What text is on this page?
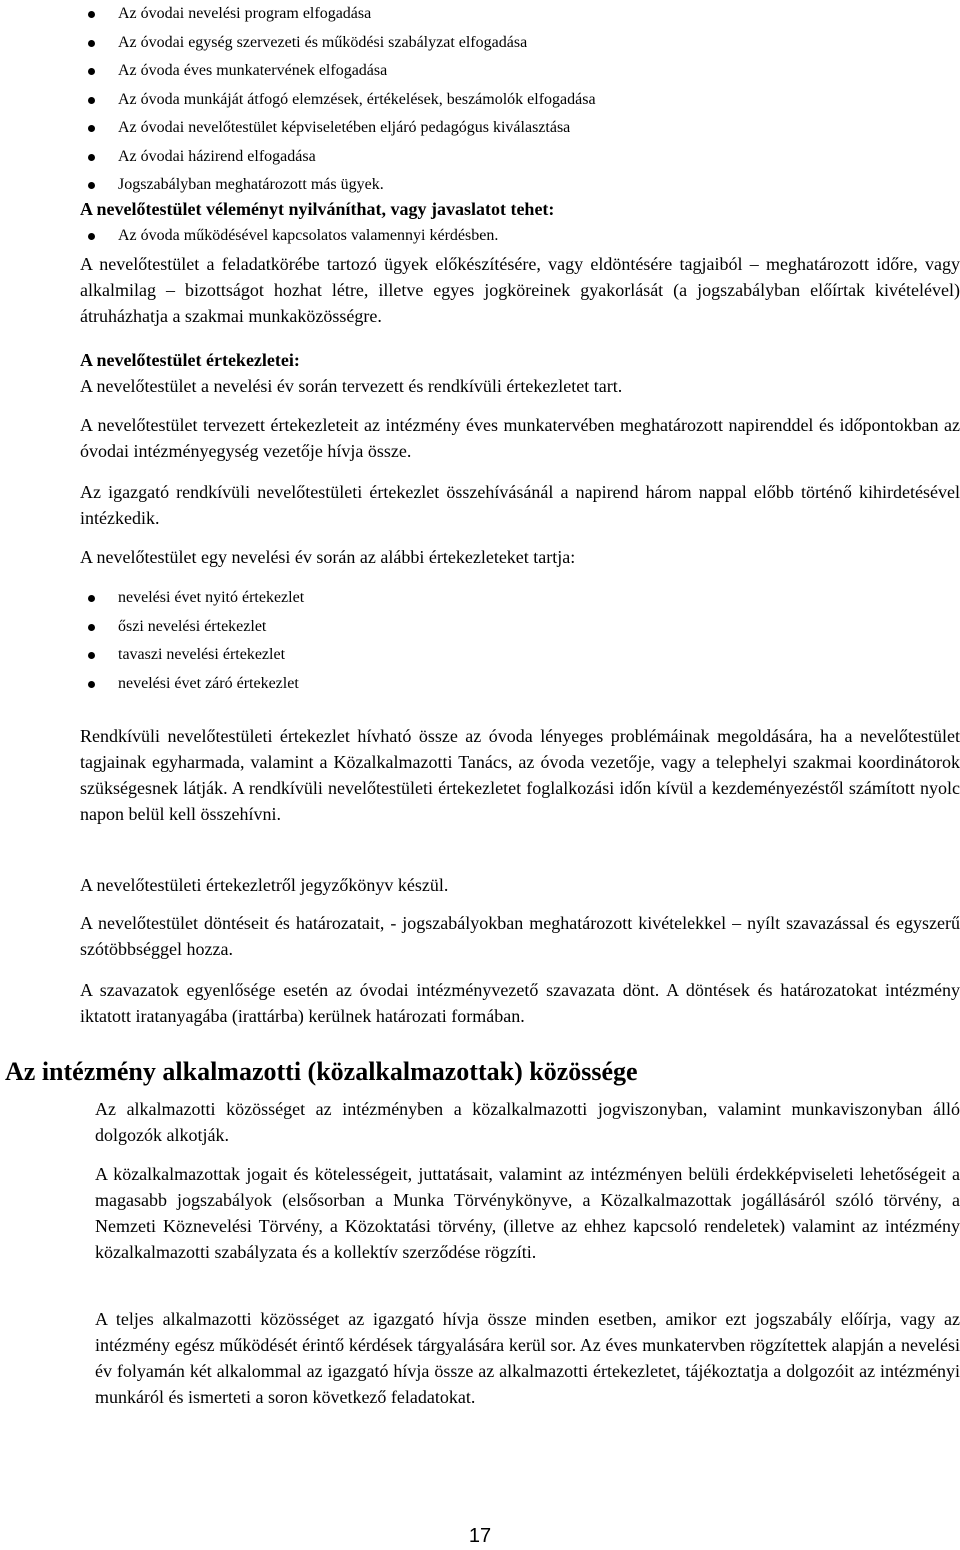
Az óvodai nevelési program elfogadása
Az óvodai egység szervezeti és működési szabályzat elfogadása
Az óvoda éves munkatervének elfogadása
Az óvoda munkáját átfogó elemzések, értékelések, beszámolók elfogadása
Az óvodai nevelőtestület képviseletében eljáró pedagógus kiválasztása
Az óvodai házirend elfogadása
Jogszabályban meghatározott más ügyek.
A nevelőtestület véleményt nyilváníthat, vagy javaslatot tehet:
Az óvoda működésével kapcsolatos valamennyi kérdésben.
A nevelőtestület a feladatkörébe tartozó ügyek előkészítésére, vagy eldöntésére tagjaiból – meghatározott időre, vagy alkalmilag – bizottságot hozhat létre, illetve egyes jogköreinek gyakorlását (a jogszabályban előírtak kivételével) átruházhatja a szakmai munkaközösségre.
A nevelőtestület értekezletei:
A nevelőtestület a nevelési év során tervezett és rendkívüli értekezletet tart.
A nevelőtestület tervezett értekezleteit az intézmény éves munkatervében meghatározott napirenddel és időpontokban az óvodai intézményegység vezetője hívja össze.
Az igazgató rendkívüli nevelőtestületi értekezlet összehívásánál a napirend három nappal előbb történő kihirdetésével intézkedik.
A nevelőtestület egy nevelési év során az alábbi értekezleteket tartja:
nevelési évet nyitó értekezlet
őszi nevelési értekezlet
tavaszi nevelési értekezlet
nevelési évet záró értekezlet
Rendkívüli nevelőtestületi értekezlet hívható össze az óvoda lényeges problémáinak megoldására, ha a nevelőtestület tagjainak egyharmada, valamint a Közalkalmazotti Tanács, az óvoda vezetője, vagy a telephelyi szakmai koordinátorok szükségesnek látják. A rendkívüli nevelőtestületi értekezletet foglalkozási időn kívül a kezdeményezéstől számított nyolc napon belül kell összehívni.
A nevelőtestületi értekezletről jegyzőkönyv készül.
A nevelőtestület döntéseit és határozatait, - jogszabályokban meghatározott kivételekkel – nyílt szavazással és egyszerű szótöbbséggel hozza.
A szavazatok egyenlősége esetén az óvodai intézményvezető szavazata dönt. A döntések és határozatokat intézmény iktatott iratanyagába (irattárba) kerülnek határozati formában.
Az intézmény alkalmazotti (közalkalmazottak) közössége
Az alkalmazotti közösséget az intézményben a közalkalmazotti jogviszonyban, valamint munkaviszonyban álló dolgozók alkotják.
A közalkalmazottak jogait és kötelességeit, juttatásait, valamint az intézményen belüli érdekképviseleti lehetőségeit a magasabb jogszabályok (elsősorban a Munka Törvénykönyve, a Közalkalmazottak jogállásáról szóló törvény, a Nemzeti Köznevelési Törvény, a Közoktatási törvény, (illetve az ehhez kapcsoló rendeletek) valamint az intézmény közalkalmazotti szabályzata és a kollektív szerződése rögzíti.
A teljes alkalmazotti közösséget az igazgató hívja össze minden esetben, amikor ezt jogszabály előírja, vagy az intézmény egész működését érintő kérdések tárgyalására kerül sor. Az éves munkatervben rögzítettek alapján a nevelési év folyamán két alkalommal az igazgató hívja össze az alkalmazotti értekezletet, tájékoztatja a dolgozóit az intézményi munkáról és ismerteti a soron következő feladatokat.
17
